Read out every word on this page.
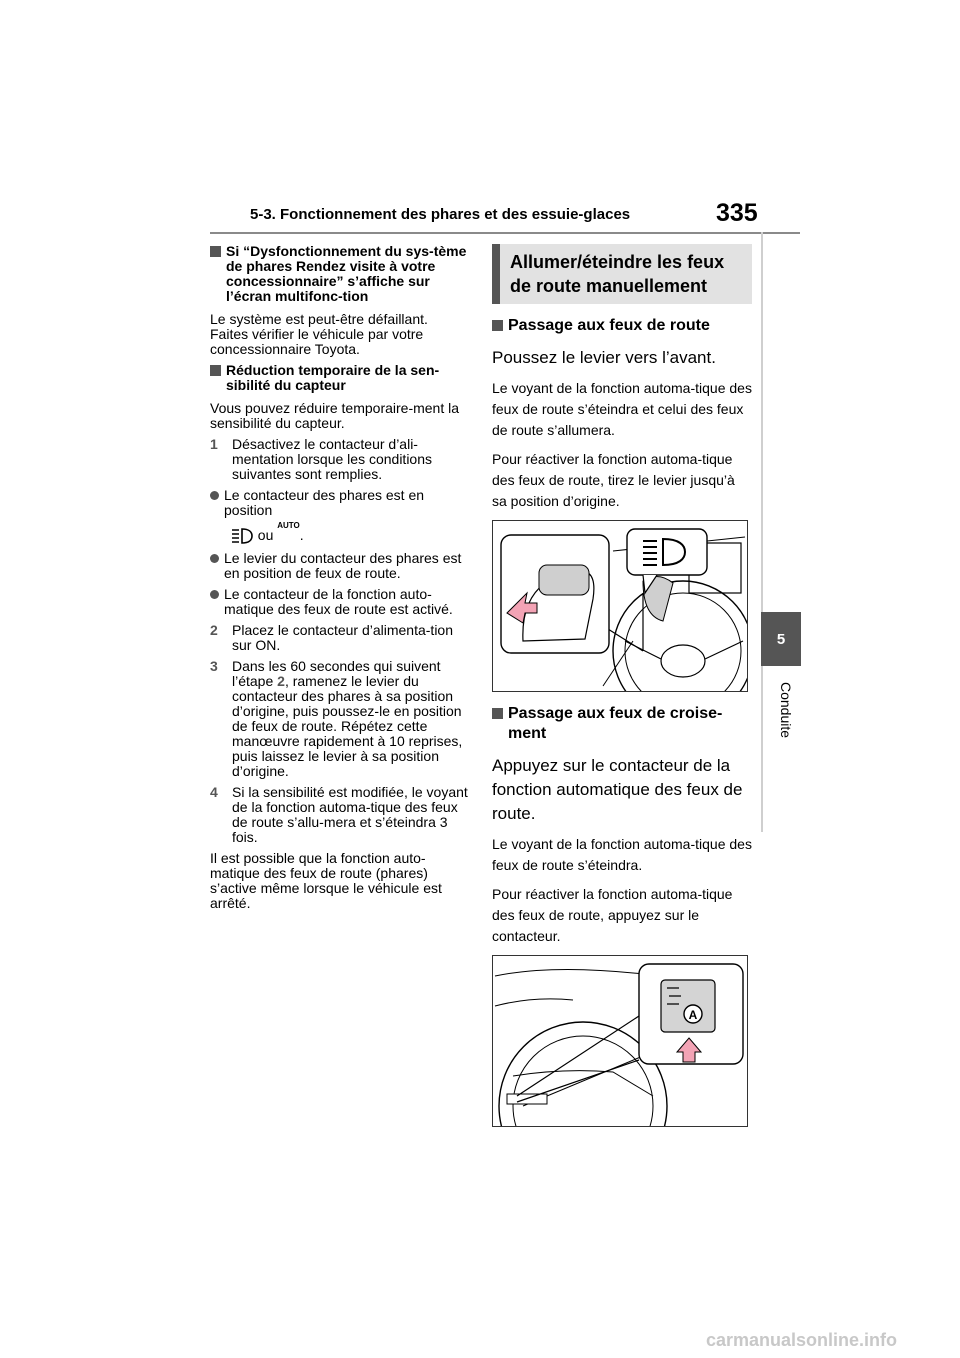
5-3. Fonctionnement des phares et des essuie-glaces	335
5
Conduite
Si “Dysfonctionnement du sys-tème de phares Rendez visite à votre concessionnaire” s’affiche sur l’écran multifonc-tion
Le système est peut-être défaillant. Faites vérifier le véhicule par votre concessionnaire Toyota.
Réduction temporaire de la sen-sibilité du capteur
Vous pouvez réduire temporaire-ment la sensibilité du capteur.
1 Désactivez le contacteur d’ali-mentation lorsque les conditions suivantes sont remplies.
Le contacteur des phares est en position
ou $^{AUTO}$.
Le levier du contacteur des phares est en position de feux de route.
Le contacteur de la fonction auto-matique des feux de route est activé.
2 Placez le contacteur d’alimenta-tion sur ON.
3 Dans les 60 secondes qui suivent l’étape 2, ramenez le levier du contacteur des phares à sa position d’origine, puis poussez-le en position de feux de route. Répétez cette manœuvre rapidement à 10 reprises, puis laissez le levier à sa position d’origine.
4 Si la sensibilité est modifiée, le voyant de la fonction automa-tique des feux de route s’allu-mera et s’éteindra 3 fois.
Il est possible que la fonction auto-matique des feux de route (phares) s’active même lorsque le véhicule est arrêté.
Allumer/éteindre les feux de route manuellement
Passage aux feux de route
Poussez le levier vers l’avant.
Le voyant de la fonction automa-tique des feux de route s’éteindra et celui des feux de route s’allumera.
Pour réactiver la fonction automa-tique des feux de route, tirez le levier jusqu’à sa position d’origine.
Passage aux feux de croise-ment
Appuyez sur le contacteur de la fonction automatique des feux de route.
Le voyant de la fonction automa-tique des feux de route s’éteindra.
Pour réactiver la fonction automa-tique des feux de route, appuyez sur le contacteur.
A
carmanualsonline.info
